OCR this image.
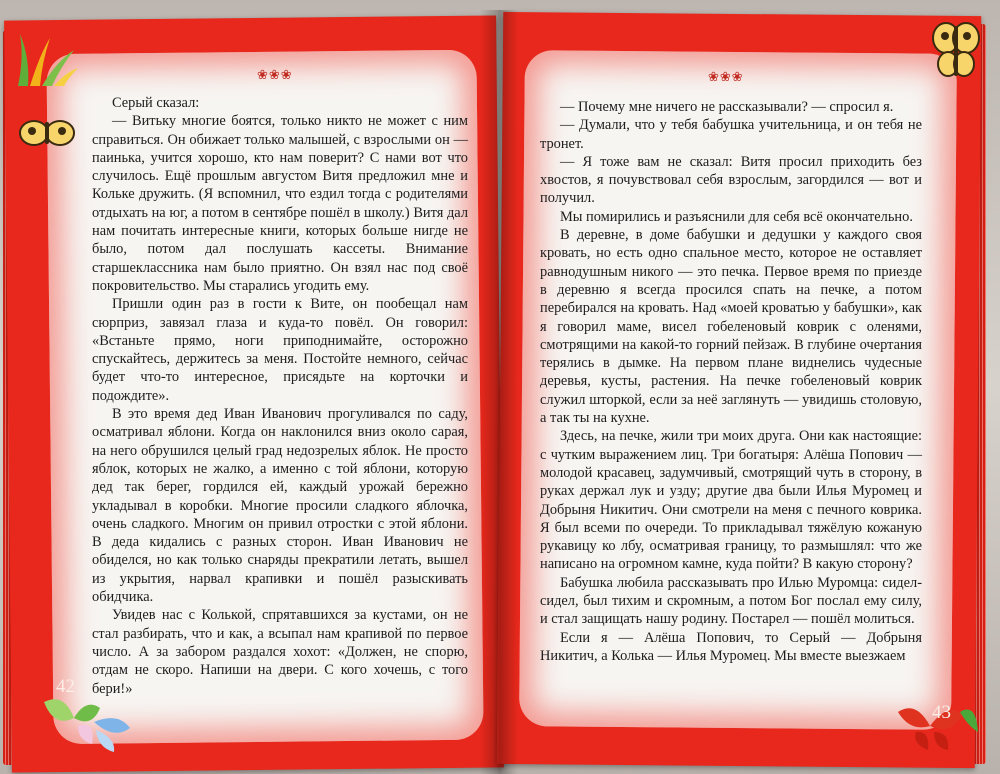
❀❀❀	❀❀❀

Серый сказал:

— Витьку многие боятся, только никто не может с ним справиться. Он обижает только малышей, с взрослыми он — паинька, учится хорошо, кто нам поверит? С нами вот что случилось. Ещё прошлым августом Витя предложил мне и Кольке дружить. (Я вспомнил, что ездил тогда с родителями отдыхать на юг, а потом в сентябре пошёл в школу.) Витя дал нам почитать интересные книги, которых больше нигде не было, потом дал послушать кассеты. Внимание старшеклассника нам было приятно. Он взял нас под своё покровительство. Мы старались угодить ему.

Пришли один раз в гости к Вите, он пообещал нам сюрприз, завязал глаза и куда-то повёл. Он говорил: «Встаньте прямо, ноги приподнимайте, осторожно спускайтесь, держитесь за меня. Постойте немного, сейчас будет что-то интересное, присядьте на корточки и подождите».

В это время дед Иван Иванович прогуливался по саду, осматривал яблони. Когда он наклонился вниз около сарая, на него обрушился целый град недозрелых яблок. Не просто яблок, которых не жалко, а именно с той яблони, которую дед так берег, гордился ей, каждый урожай бережно укладывал в коробки. Многие просили сладкого яблочка, очень сладкого. Многим он привил отростки с этой яблони. В деда кидались с разных сторон. Иван Иванович не обиделся, но как только снаряды прекратили летать, вышел из укрытия, нарвал крапивки и пошёл разыскивать обидчика.

Увидев нас с Колькой, спрятавшихся за кустами, он не стал разбирать, что и как, а всыпал нам крапивой по первое число. А за забором раздался хохот: «Должен, не спорю, отдам не скоро. Напиши на двери. С кого хочешь, с того бери!»

— Почему мне ничего не рассказывали? — спросил я.

— Думали, что у тебя бабушка учительница, и он тебя не тронет.

— Я тоже вам не сказал: Витя просил приходить без хвостов, я почувствовал себя взрослым, загордился — вот и получил.

Мы помирились и разъяснили для себя всё окончательно.

В деревне, в доме бабушки и дедушки у каждого своя кровать, но есть одно спальное место, которое не оставляет равнодушным никого — это печка. Первое время по приезде в деревню я всегда просился спать на печке, а потом перебирался на кровать. Над «моей кроватью у бабушки», как я говорил маме, висел гобеленовый коврик с оленями, смотрящими на какой-то горний пейзаж. В глубине очертания терялись в дымке. На первом плане виднелись чудесные деревья, кусты, растения. На печке гобеленовый коврик служил шторкой, если за неё заглянуть — увидишь столовую, а так ты на кухне.

Здесь, на печке, жили три моих друга. Они как настоящие: с чутким выражением лиц. Три богатыря: Алёша Попович — молодой красавец, задумчивый, смотрящий чуть в сторону, в руках держал лук и узду; другие два были Илья Муромец и Добрыня Никитич. Они смотрели на меня с печного коврика. Я был всеми по очереди. То прикладывал тяжёлую кожаную рукавицу ко лбу, осматривая границу, то размышлял: что же написано на огромном камне, куда пойти? В какую сторону?

Бабушка любила рассказывать про Илью Муромца: сидел-сидел, был тихим и скромным, а потом Бог послал ему силу, и стал защищать нашу родину. Постарел — пошёл молиться.

Если я — Алёша Попович, то Серый — Добрыня Никитич, а Колька — Илья Муромец. Мы вместе выезжаем

42
43
